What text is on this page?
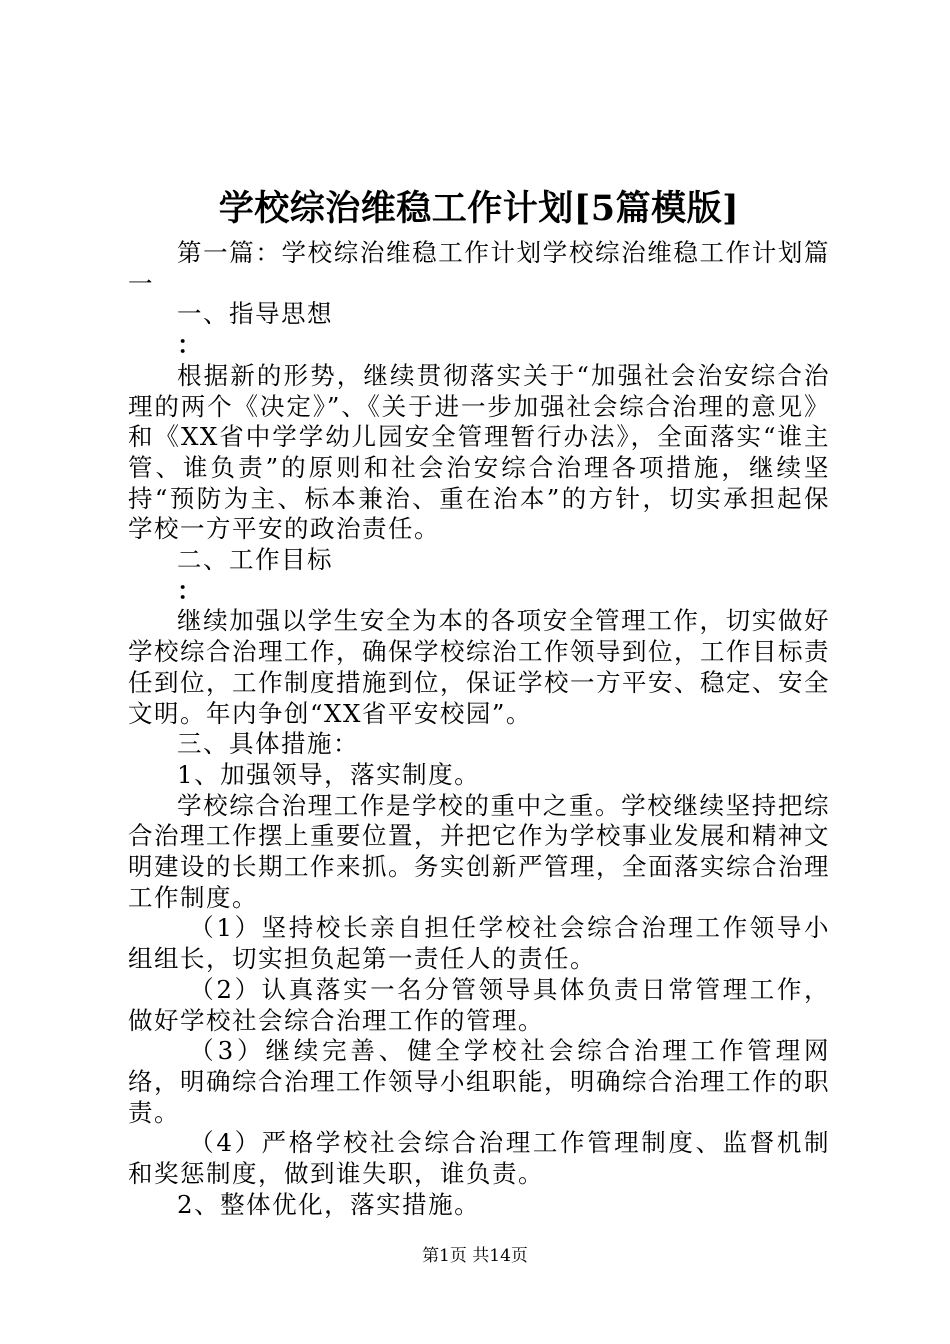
学校综治维稳工作计划[5篇模版]

第一篇：学校综治维稳工作计划学校综治维稳工作计划篇一

一、指导思想

：

根据新的形势，继续贯彻落实关于“加强社会治安综合治理的两个《决定》”、《关于进一步加强社会综合治理的意见》和《XX省中学学幼儿园安全管理暂行办法》，全面落实“谁主管、谁负责”的原则和社会治安综合治理各项措施，继续坚持“预防为主、标本兼治、重在治本”的方针，切实承担起保学校一方平安的政治责任。

二、工作目标

：

继续加强以学生安全为本的各项安全管理工作，切实做好学校综合治理工作，确保学校综治工作领导到位，工作目标责任到位，工作制度措施到位，保证学校一方平安、稳定、安全文明。年内争创“XX省平安校园”。

三、具体措施：

1、加强领导，落实制度。

学校综合治理工作是学校的重中之重。学校继续坚持把综合治理工作摆上重要位置，并把它作为学校事业发展和精神文明建设的长期工作来抓。务实创新严管理，全面落实综合治理工作制度。

（1）坚持校长亲自担任学校社会综合治理工作领导小组组长，切实担负起第一责任人的责任。

（2）认真落实一名分管领导具体负责日常管理工作，做好学校社会综合治理工作的管理。

（3）继续完善、健全学校社会综合治理工作管理网络，明确综合治理工作领导小组职能，明确综合治理工作的职责。

（4）严格学校社会综合治理工作管理制度、监督机制和奖惩制度，做到谁失职，谁负责。

2、整体优化，落实措施。

第1页 共14页
